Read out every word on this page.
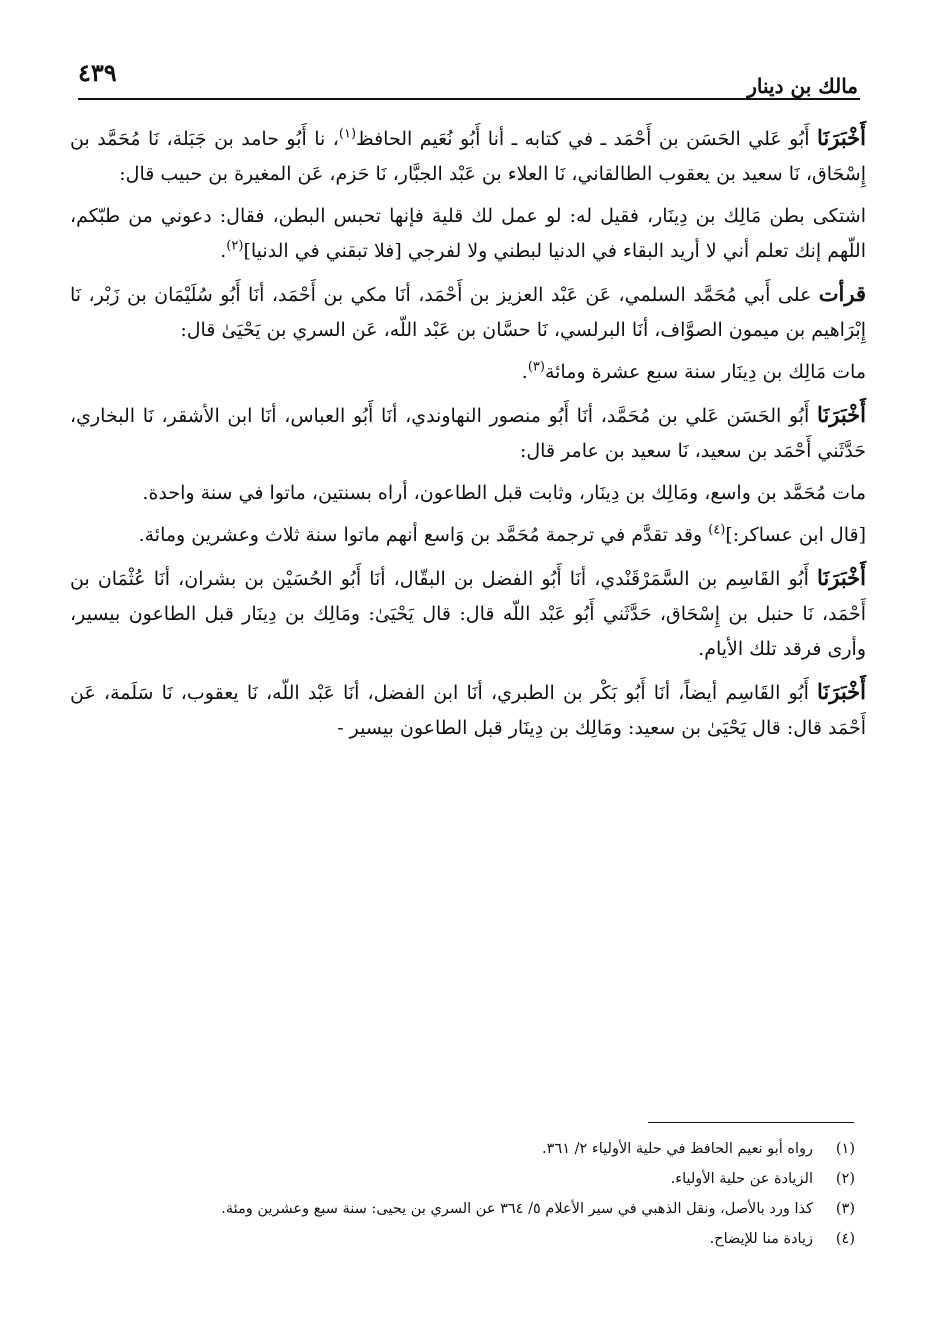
٤٣٩	مالك بن دينار

أَخْبَرَنَا أَبُو عَلي الحَسَن بن أَحْمَد ـ في كتابه ـ أنا أَبُو نُعَيم الحافظ$^{(١)}$، نا أَبُو حامد بن جَبَلة، نَا مُحَمَّد بن إِسْحَاق، نَا سعيد بن يعقوب الطالقاني، نَا العلاء بن عَبْد الجبَّار، نَا حَزم، عَن المغيرة بن حبيب قال:

اشتكى بطن مَالِك بن دِينَار، فقيل له: لو عمل لك قلية فإنها تحبس البطن، فقال: دعوني من طبّكم، اللّهم إنك تعلم أني لا أريد البقاء في الدنيا لبطني ولا لفرجي [فلا تبقني في الدنيا]$^{(٢)}$.

قرأت على أَبي مُحَمَّد السلمي، عَن عَبْد العزيز بن أَحْمَد، أنَا مكي بن أَحْمَد، أنَا أَبُو سُلَيْمَان بن زَبْر، نَا إِبْرَاهيم بن ميمون الصوَّاف، أنَا البرلسي، نَا حسَّان بن عَبْد اللّه، عَن السري بن يَحْيَىٰ قال:

مات مَالِك بن دِينَار سنة سبع عشرة ومائة$^{(٣)}$.

أَخْبَرَنَا أَبُو الحَسَن عَلي بن مُحَمَّد، أنَا أَبُو منصور النهاوندي، أنَا أَبُو العباس، أنَا ابن الأشقر، نَا البخاري، حَدَّثَني أَحْمَد بن سعيد، نَا سعيد بن عامر قال:

مات مُحَمَّد بن واسع، ومَالِك بن دِينَار، وثابت قبل الطاعون، أراه بسنتين، ماتوا في سنة واحدة.

[قال ابن عساكر:]$^{(٤)}$ وقد تقدَّم في ترجمة مُحَمَّد بن وَاسع أنهم ماتوا سنة ثلاث وعشرين ومائة.

أَخْبَرَنَا أَبُو القَاسِم بن السَّمَرْقَنْدي، أنَا أَبُو الفضل بن البقّال، أنَا أَبُو الحُسَيْن بن بشران، أنَا عُثْمَان بن أَحْمَد، نَا حنبل بن إِسْحَاق، حَدَّثَني أَبُو عَبْد اللّه قال: قال يَحْيَىٰ: ومَالِك بن دِينَار قبل الطاعون بيسير، وأرى فرقد تلك الأيام.

أَخْبَرَنَا أَبُو القَاسِم أيضاً، أنَا أَبُو بَكْر بن الطبري، أنَا ابن الفضل، أنَا عَبْد اللّه، نَا يعقوب، نَا سَلَمة، عَن أَحْمَد قال: قال يَحْيَىٰ بن سعيد: ومَالِك بن دِينَار قبل الطاعون بيسير -

(١)رواه أبو نعيم الحافظ في حلية الأولياء ٢/ ٣٦١.
(٢)الزيادة عن حلية الأولياء.
(٣)كذا ورد بالأصل، ونقل الذهبي في سير الأعلام ٥/ ٣٦٤ عن السري بن يحيى: سنة سبع وعشرين ومئة.
(٤)زيادة منا للإيضاح.
